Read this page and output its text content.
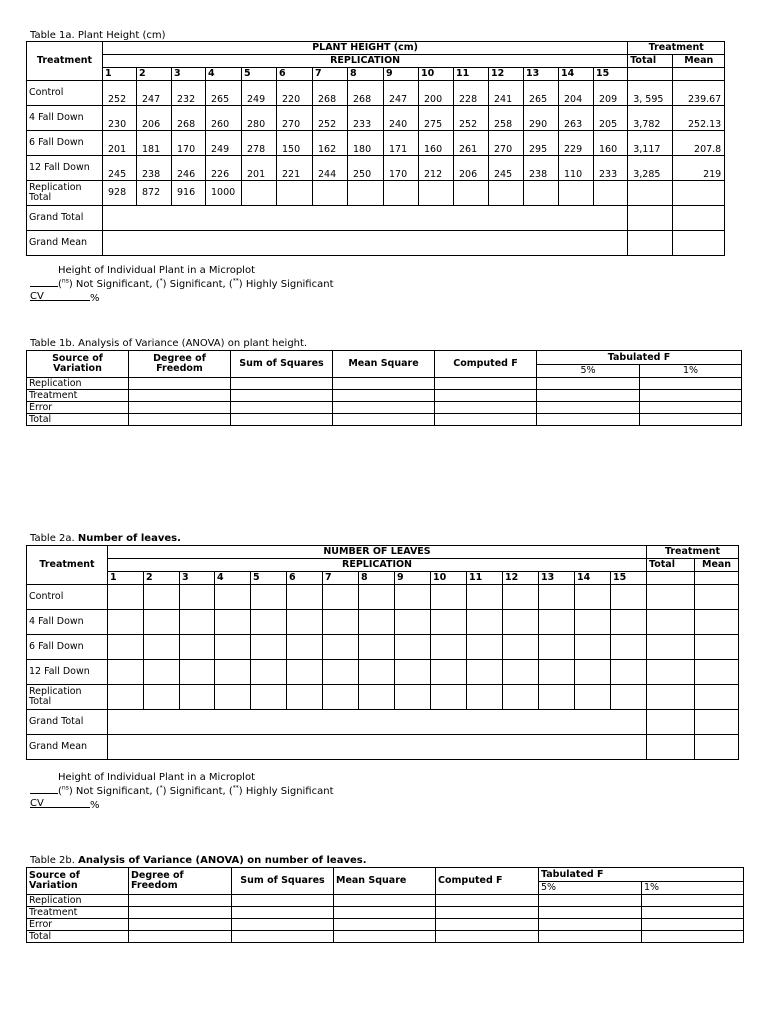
Table 1a. Plant Height (cm)
Treatment	PLANT HEIGHT (cm)															Treatment	
	REPLICATION															Total	Mean
	1	2	3	4	5	6	7	8	9	10	11	12	13	14	15		
Control	252	247	232	265	249	220	268	268	247	200	228	241	265	204	209	3, 595	239.67
4 Fall Down	230	206	268	260	280	270	252	233	240	275	252	258	290	263	205	3,782	252.13
6 Fall Down	201	181	170	249	278	150	162	180	171	160	261	270	295	229	160	3,117	207.8
12 Fall Down	245	238	246	226	201	221	244	250	170	212	206	245	238	110	233	3,285	219
Replication Total	928	872	916	1000													
Grand Total																	
Grand Mean																	
Height of Individual Plant in a Microplot
($^{ns}$) Not Significant, (*) Significant, (**) Highly Significant
CV	%
Table 1b. Analysis of Variance (ANOVA) on plant height.
Source of Variation	Degree of Freedom	Sum of Squares	Mean Square	Computed F	Tabulated F	
					5%	1%
Replication						
Treatment						
Error						
Total						
Table 2a. Number of leaves.
Treatment	NUMBER OF LEAVES															Treatment	
	REPLICATION															Total	Mean
	1	2	3	4	5	6	7	8	9	10	11	12	13	14	15		
Control																	
4 Fall Down																	
6 Fall Down																	
12 Fall Down																	
Replication Total																	
Grand Total																	
Grand Mean																	
Height of Individual Plant in a Microplot
($^{ns}$) Not Significant, (*) Significant, (**) Highly Significant
CV	%
Table 2b. Analysis of Variance (ANOVA) on number of leaves.
Source of Variation	Degree of Freedom	Sum of Squares	Mean Square	Computed F	Tabulated F	
					5%	1%
Replication						
Treatment						
Error						
Total						
